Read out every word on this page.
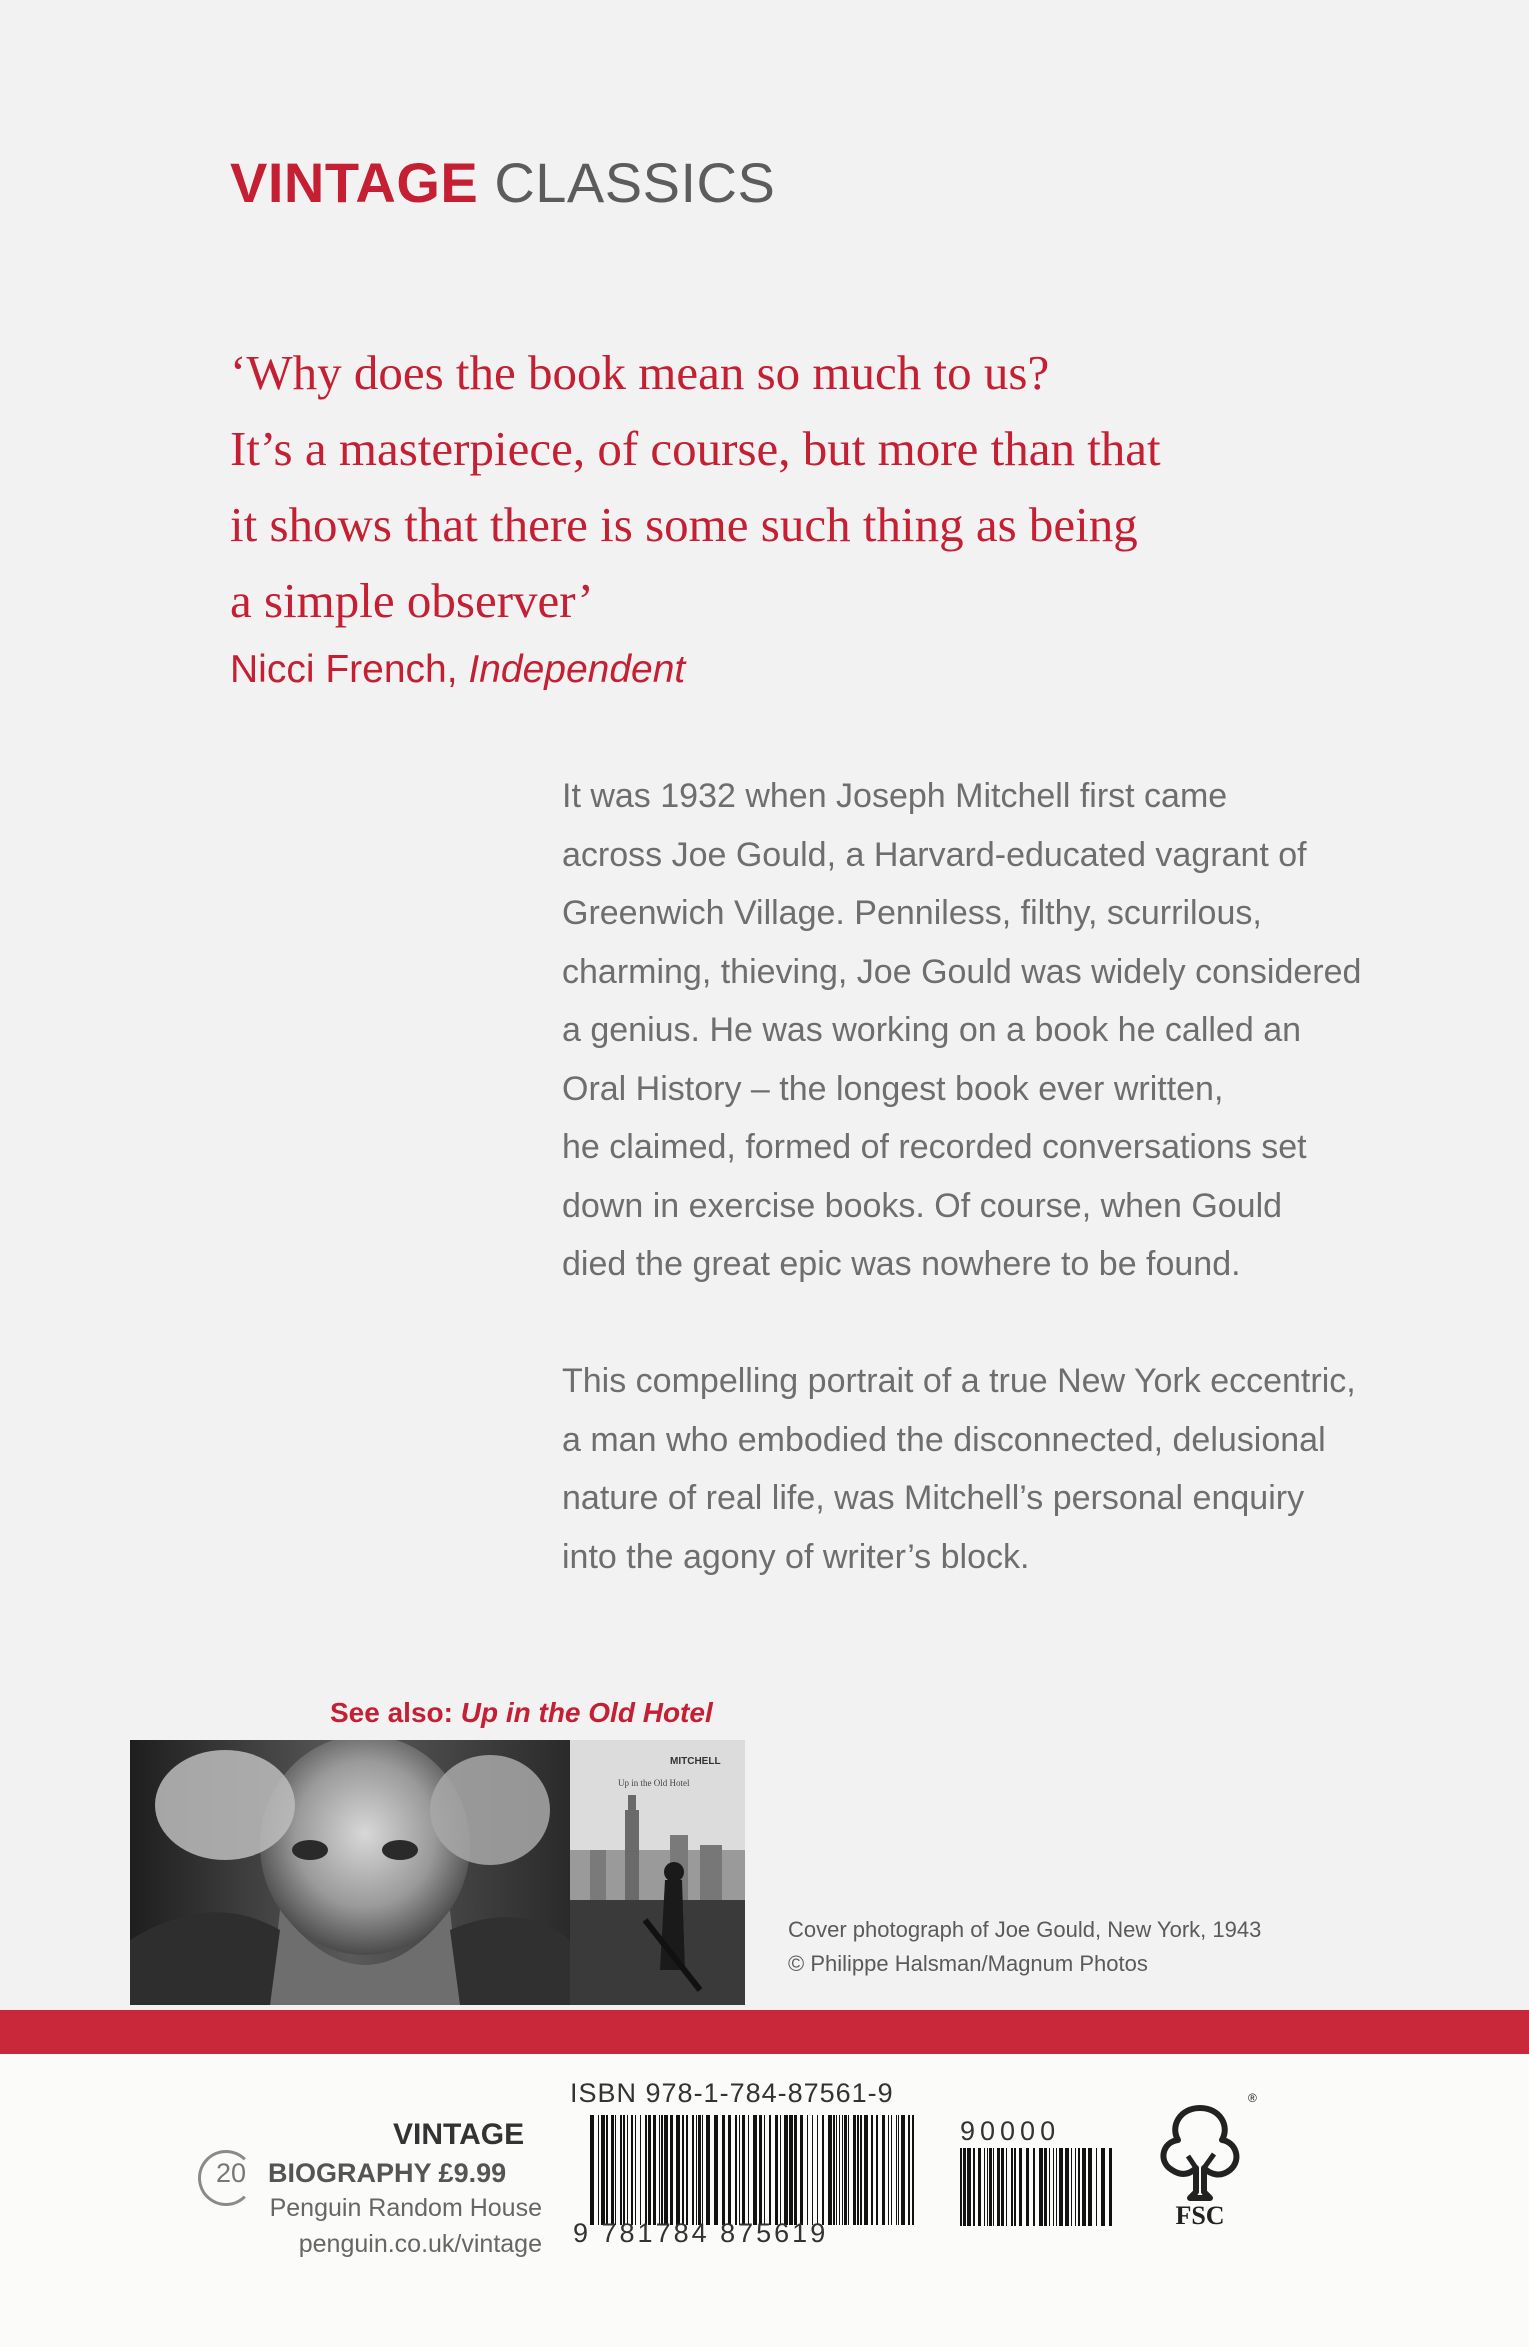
VINTAGE CLASSICS
‘Why does the book mean so much to us?
It’s a masterpiece, of course, but more than that
it shows that there is some such thing as being
a simple observer’
Nicci French, Independent
It was 1932 when Joseph Mitchell first came
across Joe Gould, a Harvard-educated vagrant of
Greenwich Village. Penniless, filthy, scurrilous,
charming, thieving, Joe Gould was widely considered
a genius. He was working on a book he called an
Oral History – the longest book ever written,
he claimed, formed of recorded conversations set
down in exercise books. Of course, when Gould
died the great epic was nowhere to be found.
This compelling portrait of a true New York eccentric,
a man who embodied the disconnected, delusional
nature of real life, was Mitchell’s personal enquiry
into the agony of writer’s block.
See also: Up in the Old Hotel
MITCHELL
Up in the Old Hotel
Cover photograph of Joe Gould, New York, 1943
© Philippe Halsman/Magnum Photos
VINTAGE
20 BIOGRAPHY £9.99
Penguin Random House
penguin.co.uk/vintage
ISBN 978-1-784-87561-9
9 781784 875619
90000
FSC
®
